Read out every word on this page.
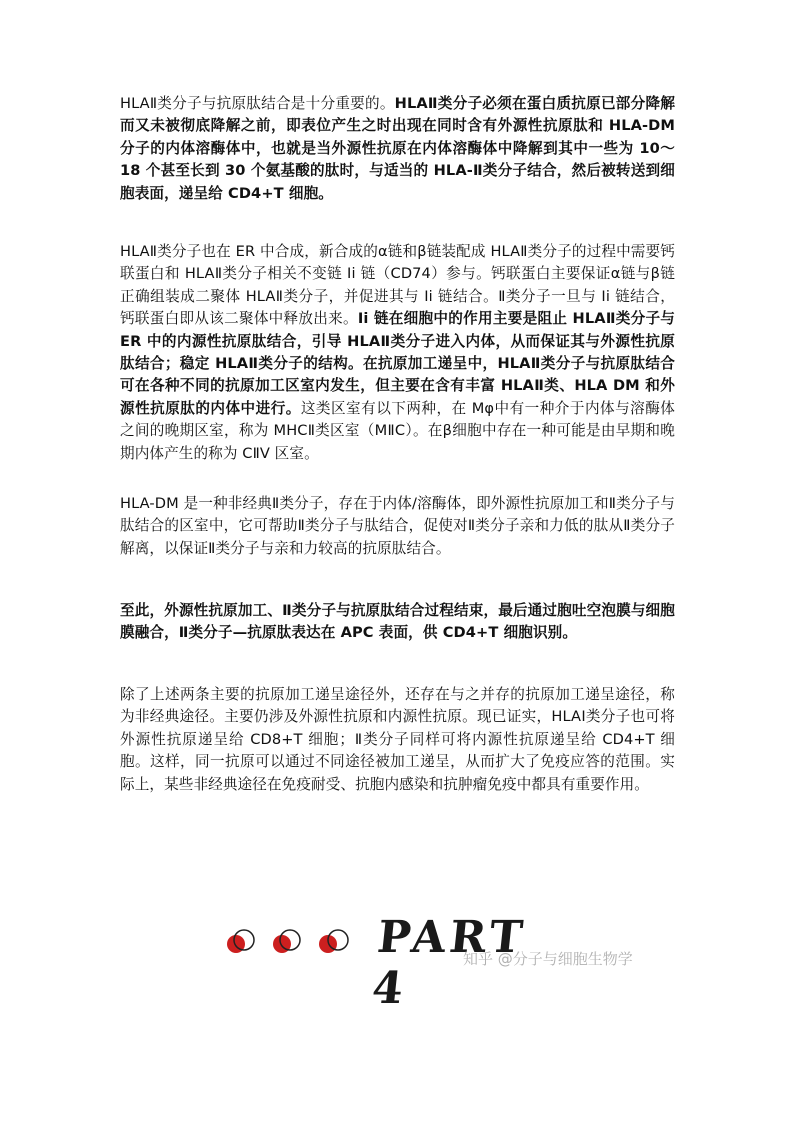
HLAⅡ类分子与抗原肽结合是十分重要的。HLAⅡ类分子必须在蛋白质抗原已部分降解而又未被彻底降解之前，即表位产生之时出现在同时含有外源性抗原肽和 HLA-DM 分子的内体溶酶体中，也就是当外源性抗原在内体溶酶体中降解到其中一些为 10～18 个甚至长到 30 个氨基酸的肽时，与适当的 HLA-Ⅱ类分子结合，然后被转送到细胞表面，递呈给 CD4+T 细胞。

HLAⅡ类分子也在 ER 中合成，新合成的α链和β链装配成 HLAⅡ类分子的过程中需要钙联蛋白和 HLAⅡ类分子相关不变链 Ii 链（CD74）参与。钙联蛋白主要保证α链与β链正确组装成二聚体 HLAⅡ类分子，并促进其与 Ii 链结合。Ⅱ类分子一旦与 Ii 链结合，钙联蛋白即从该二聚体中释放出来。Ii 链在细胞中的作用主要是阻止 HLAⅡ类分子与 ER 中的内源性抗原肽结合，引导 HLAⅡ类分子进入内体，从而保证其与外源性抗原肽结合；稳定 HLAⅡ类分子的结构。在抗原加工递呈中，HLAⅡ类分子与抗原肽结合可在各种不同的抗原加工区室内发生，但主要在含有丰富 HLAⅡ类、HLA DM 和外源性抗原肽的内体中进行。这类区室有以下两种，在 Mφ中有一种介于内体与溶酶体之间的晚期区室，称为 MHCⅡ类区室（MⅡC）。在β细胞中存在一种可能是由早期和晚期内体产生的称为 CⅡV 区室。

HLA-DM 是一种非经典Ⅱ类分子，存在于内体/溶酶体，即外源性抗原加工和Ⅱ类分子与肽结合的区室中，它可帮助Ⅱ类分子与肽结合，促使对Ⅱ类分子亲和力低的肽从Ⅱ类分子解离，以保证Ⅱ类分子与亲和力较高的抗原肽结合。

至此，外源性抗原加工、Ⅱ类分子与抗原肽结合过程结束，最后通过胞吐空泡膜与细胞膜融合，Ⅱ类分子—抗原肽表达在 APC 表面，供 CD4+T 细胞识别。

除了上述两条主要的抗原加工递呈途径外，还存在与之并存的抗原加工递呈途径，称为非经典途径。主要仍涉及外源性抗原和内源性抗原。现已证实，HLAⅠ类分子也可将外源性抗原递呈给 CD8+T 细胞；Ⅱ类分子同样可将内源性抗原递呈给 CD4+T 细胞。这样，同一抗原可以通过不同途径被加工递呈，从而扩大了免疫应答的范围。实际上，某些非经典途径在免疫耐受、抗胞内感染和抗肿瘤免疫中都具有重要作用。

PART 4
知乎 @分子与细胞生物学
